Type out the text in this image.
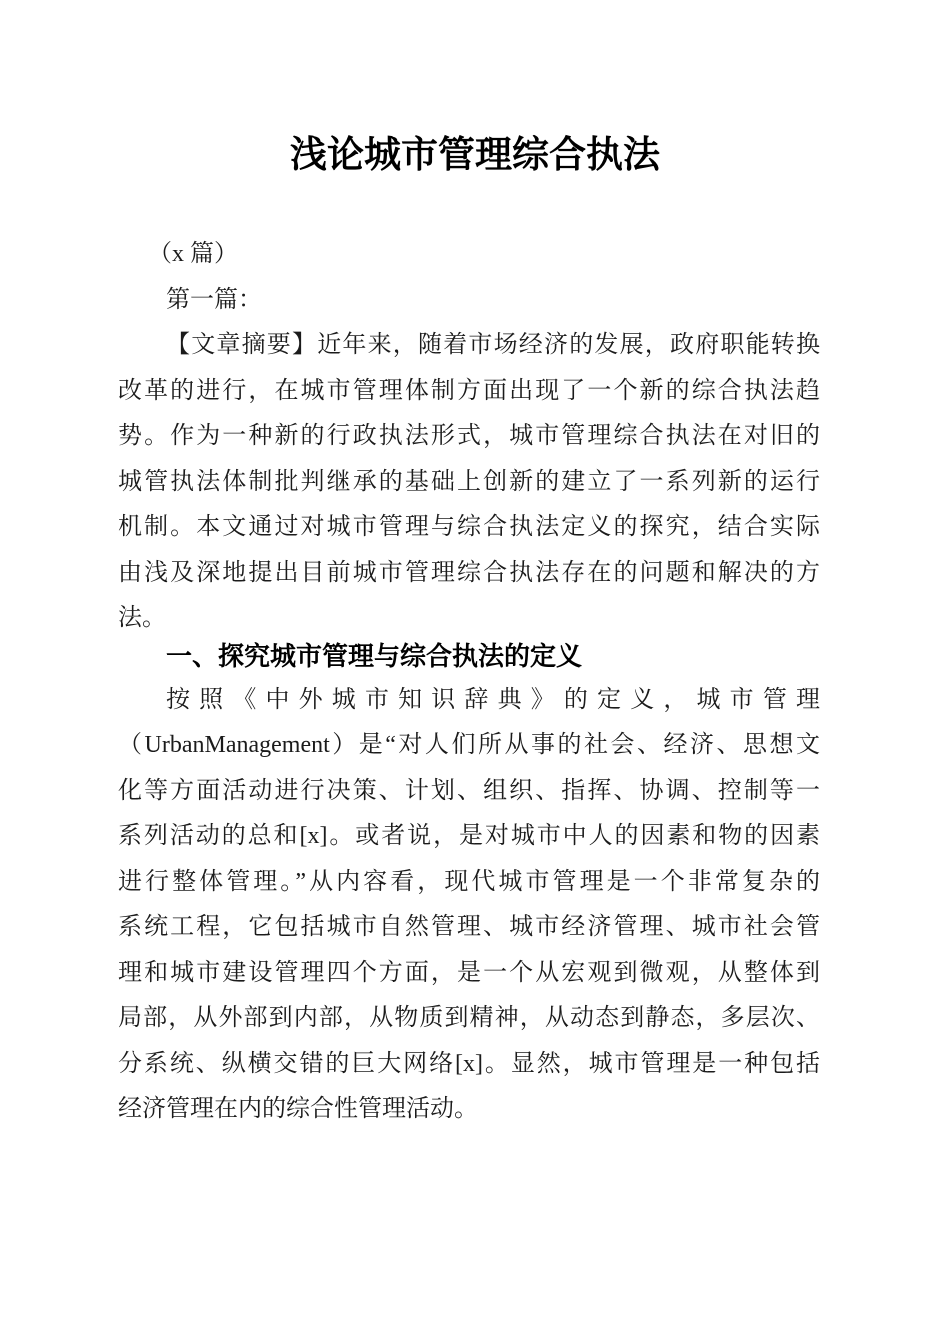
浅论城市管理综合执法
（x 篇）
第一篇：
【文章摘要】近年来，随着市场经济的发展，政府职能转换
改革的进行，在城市管理体制方面出现了一个新的综合执法趋
势。作为一种新的行政执法形式，城市管理综合执法在对旧的
城管执法体制批判继承的基础上创新的建立了一系列新的运行
机制。本文通过对城市管理与综合执法定义的探究，结合实际
由浅及深地提出目前城市管理综合执法存在的问题和解决的方
法。
一、探究城市管理与综合执法的定义
按照《中外城市知识辞典》的定义，城市管理
（UrbanManagement）是“对人们所从事的社会、经济、思想文
化等方面活动进行决策、计划、组织、指挥、协调、控制等一
系列活动的总和[x]。或者说，是对城市中人的因素和物的因素
进行整体管理。”从内容看，现代城市管理是一个非常复杂的
系统工程，它包括城市自然管理、城市经济管理、城市社会管
理和城市建设管理四个方面，是一个从宏观到微观，从整体到
局部，从外部到内部，从物质到精神，从动态到静态，多层次、
分系统、纵横交错的巨大网络[x]。显然，城市管理是一种包括
经济管理在内的综合性管理活动。
